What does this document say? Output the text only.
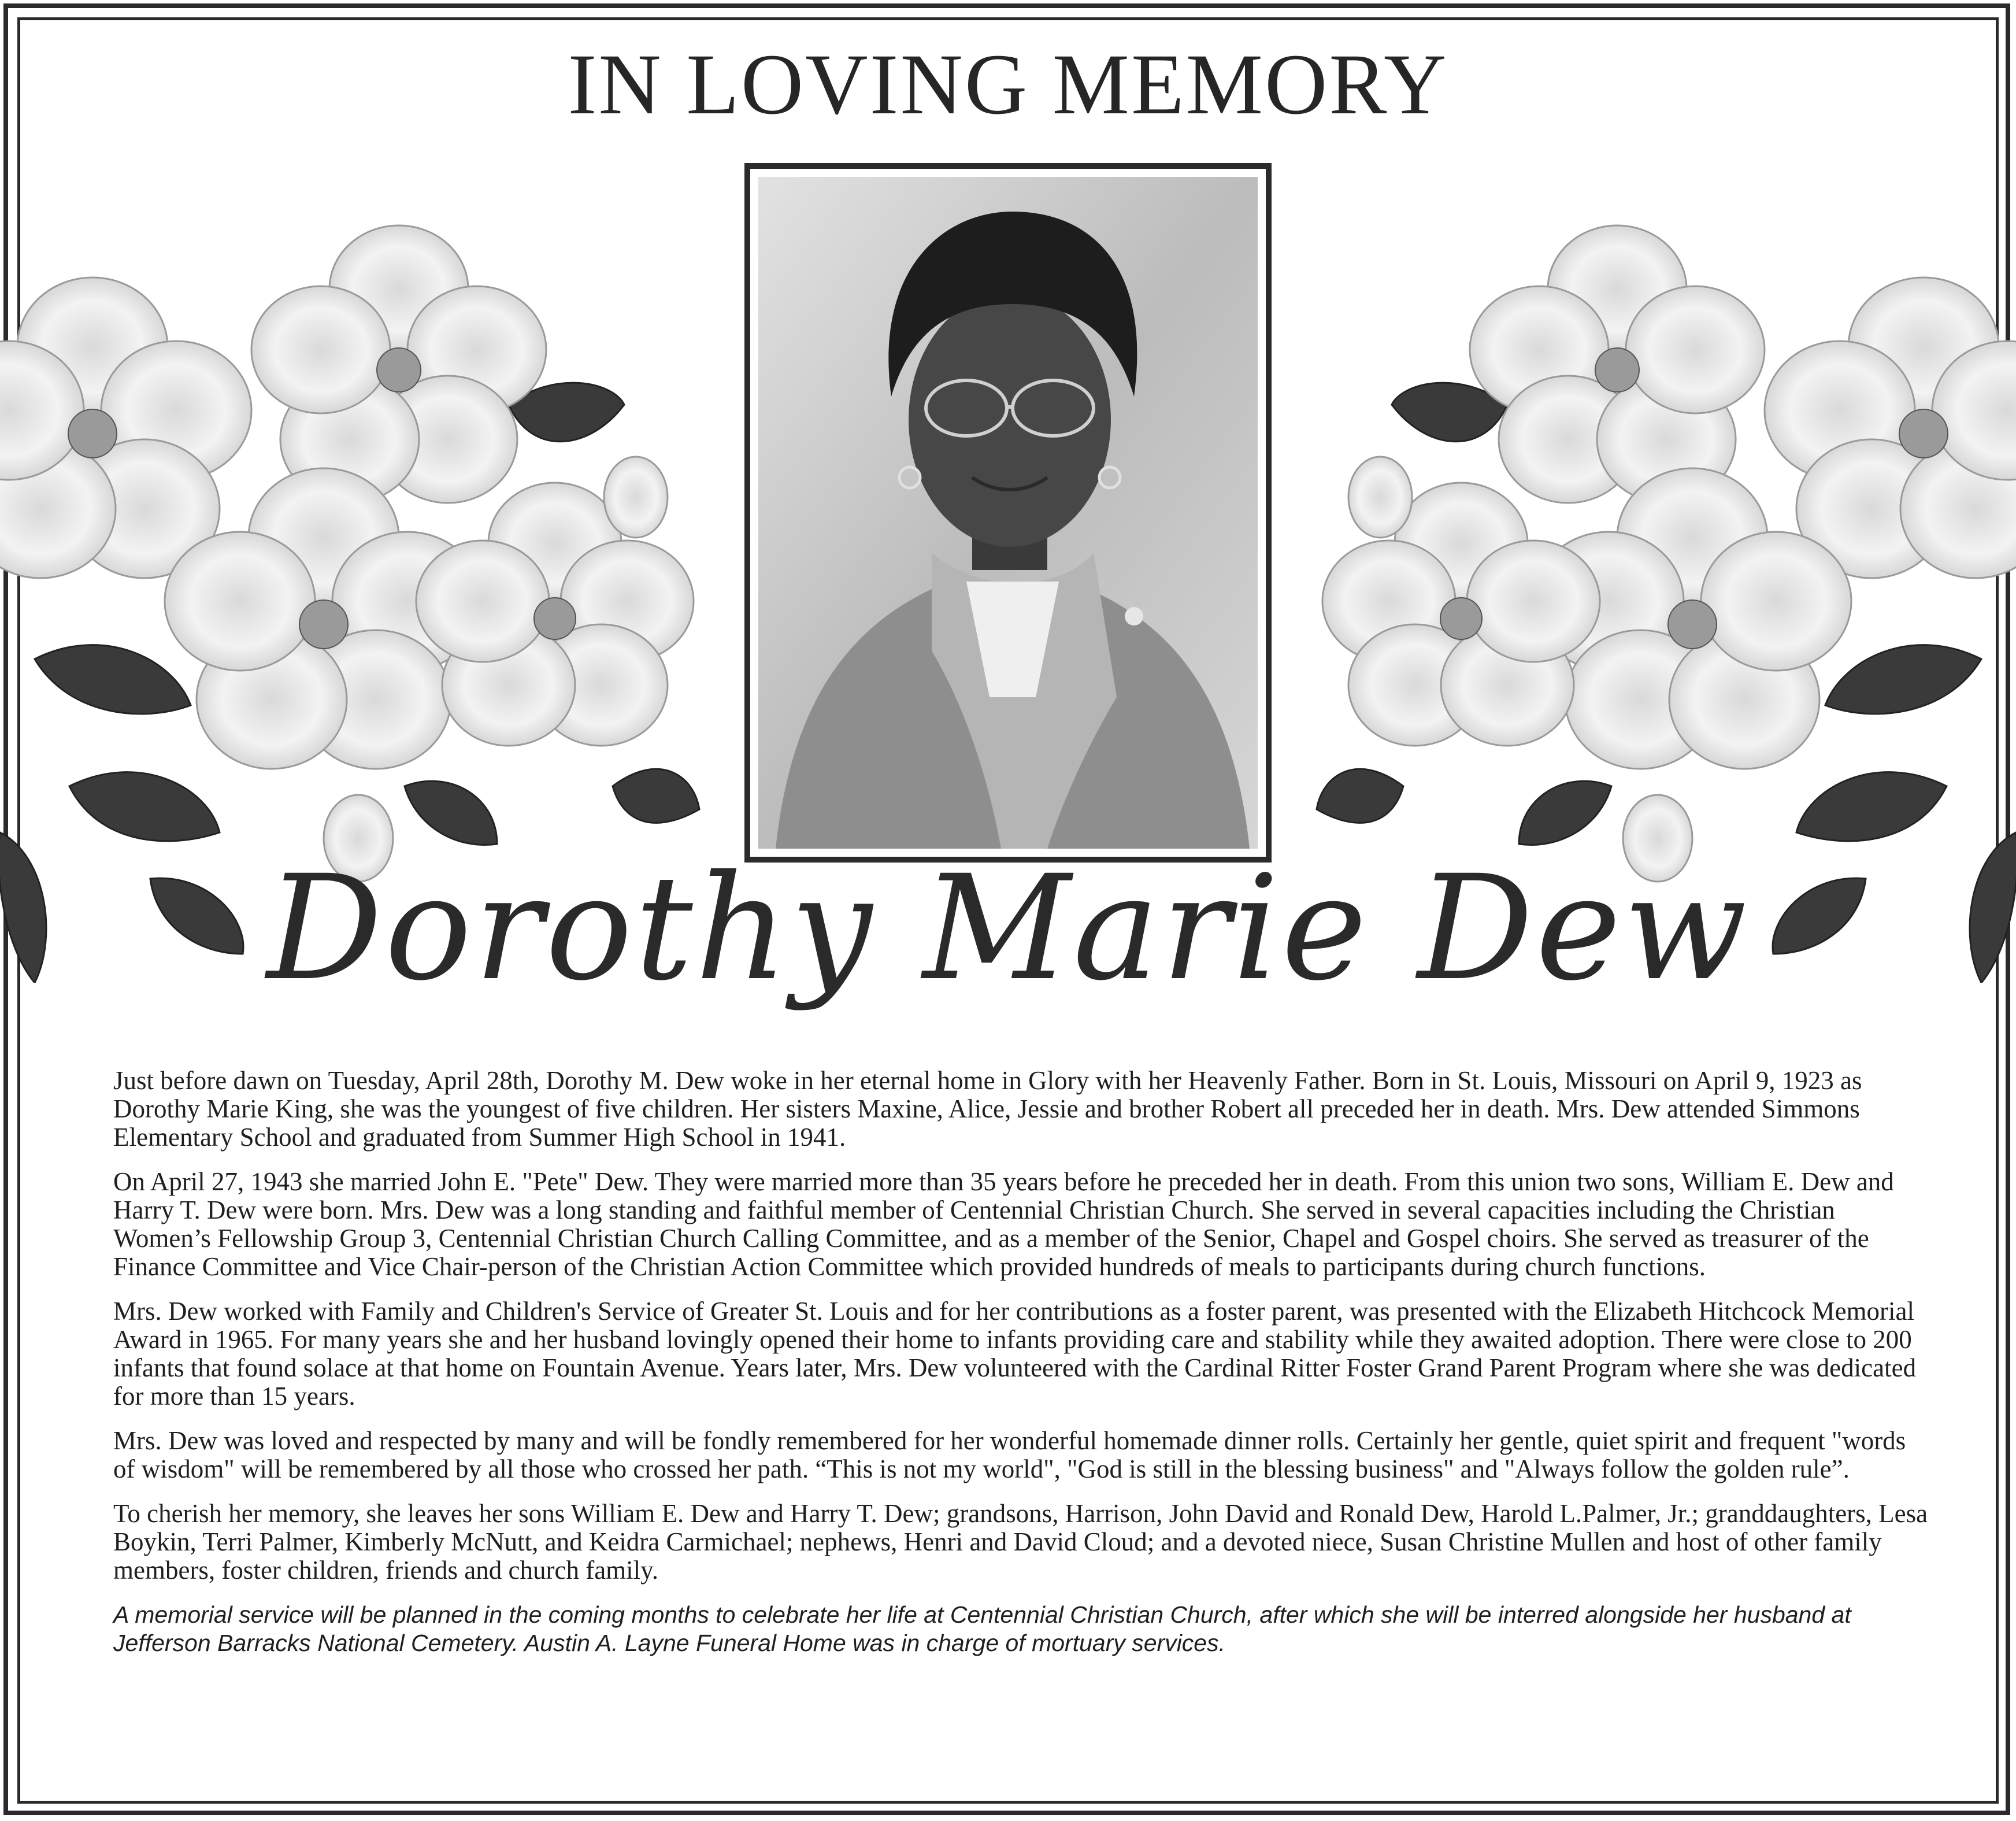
IN LOVING MEMORY
Dorothy Marie Dew

Just before dawn on Tuesday, April 28th, Dorothy M. Dew woke in her eternal home in Glory with her Heavenly Father. Born in St. Louis, Missouri on April 9, 1923 as Dorothy Marie King, she was the youngest of five children. Her sisters Maxine, Alice, Jessie and brother Robert all preceded her in death. Mrs. Dew attended Simmons Elementary School and graduated from Summer High School in 1941.

On April 27, 1943 she married John E. "Pete" Dew. They were married more than 35 years before he preceded her in death. From this union two sons, William E. Dew and Harry T. Dew were born. Mrs. Dew was a long standing and faithful member of Centennial Christian Church. She served in several capacities including the Christian Women’s Fellowship Group 3, Centennial Christian Church Calling Committee, and as a member of the Senior, Chapel and Gospel choirs. She served as treasurer of the Finance Committee and Vice Chair-person of the Christian Action Committee which provided hundreds of meals to participants during church functions.

Mrs. Dew worked with Family and Children's Service of Greater St. Louis and for her contributions as a foster parent, was presented with the Elizabeth Hitchcock Memorial Award in 1965. For many years she and her husband lovingly opened their home to infants providing care and stability while they awaited adoption. There were close to 200 infants that found solace at that home on Fountain Avenue. Years later, Mrs. Dew volunteered with the Cardinal Ritter Foster Grand Parent Program where she was dedicated for more than 15 years.

Mrs. Dew was loved and respected by many and will be fondly remembered for her wonderful homemade dinner rolls. Certainly her gentle, quiet spirit and frequent "words of wisdom" will be remembered by all those who crossed her path. “This is not my world", "God is still in the blessing business" and "Always follow the golden rule”.

To cherish her memory, she leaves her sons William E. Dew and Harry T. Dew; grandsons, Harrison, John David and Ronald Dew, Harold L.Palmer, Jr.; granddaughters, Lesa Boykin, Terri Palmer, Kimberly McNutt, and Keidra Carmichael; nephews, Henri and David Cloud; and a devoted niece, Susan Christine Mullen and host of other family members, foster children, friends and church family.

A memorial service will be planned in the coming months to celebrate her life at Centennial Christian Church, after which she will be interred alongside her husband at Jefferson Barracks National Cemetery. Austin A. Layne Funeral Home was in charge of mortuary services.
